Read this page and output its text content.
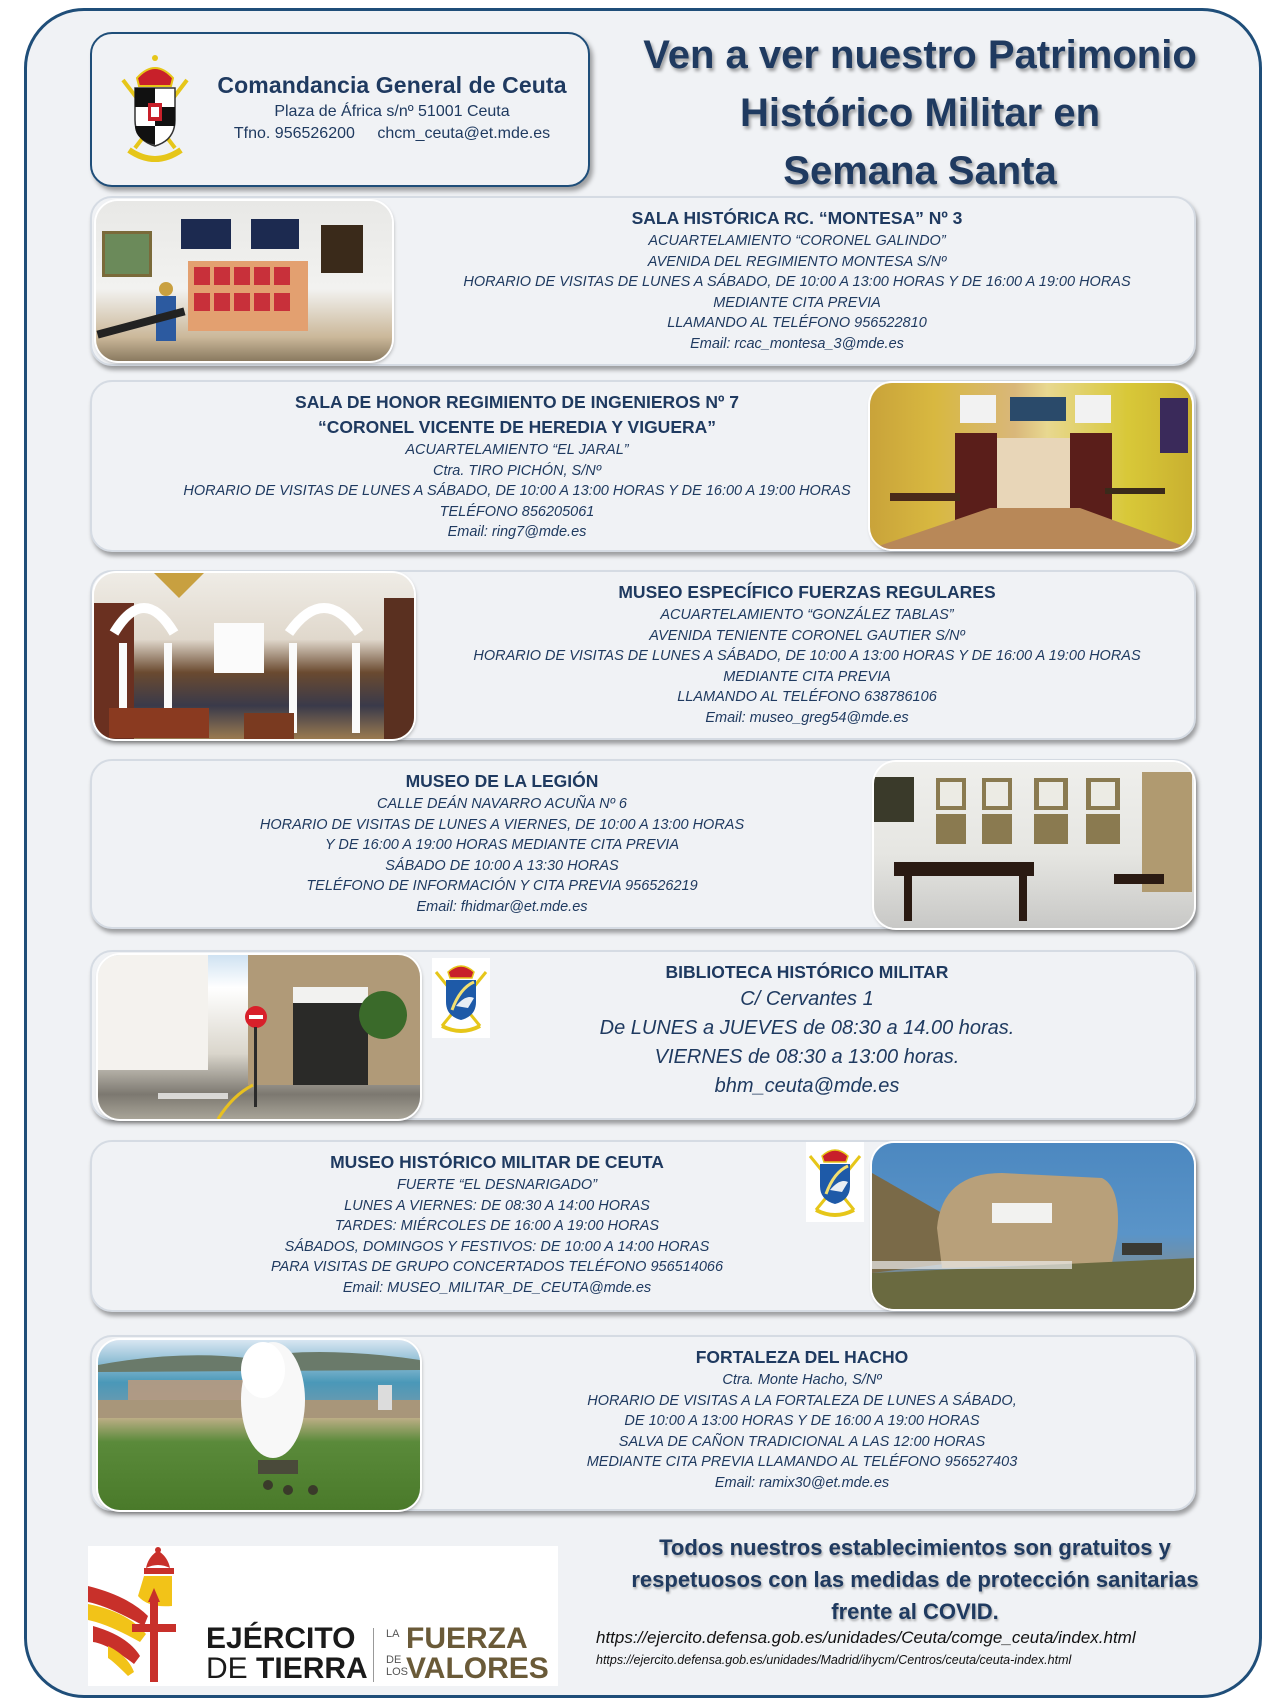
Comandancia General de Ceuta
Plaza de África s/nº 51001 Ceuta
Tfno. 956526200 chcm_ceuta@et.mde.es
Ven a ver nuestro Patrimonio
Histórico Militar en
Semana Santa
SALA HISTÓRICA RC. “MONTESA” Nº 3
ACUARTELAMIENTO “CORONEL GALINDO”
AVENIDA DEL REGIMIENTO MONTESA S/Nº
HORARIO DE VISITAS DE LUNES A SÁBADO, DE 10:00 A 13:00 HORAS Y DE 16:00 A 19:00 HORAS
MEDIANTE CITA PREVIA
LLAMANDO AL TELÉFONO 956522810
Email: rcac_montesa_3@mde.es
SALA DE HONOR REGIMIENTO DE INGENIEROS Nº 7
“CORONEL VICENTE DE HEREDIA Y VIGUERA”
ACUARTELAMIENTO “EL JARAL”
Ctra. TIRO PICHÓN, S/Nº
HORARIO DE VISITAS DE LUNES A SÁBADO, DE 10:00 A 13:00 HORAS Y DE 16:00 A 19:00 HORAS
TELÉFONO 856205061
Email: ring7@mde.es
MUSEO ESPECÍFICO FUERZAS REGULARES
ACUARTELAMIENTO “GONZÁLEZ TABLAS”
AVENIDA TENIENTE CORONEL GAUTIER S/Nº
HORARIO DE VISITAS DE LUNES A SÁBADO, DE 10:00 A 13:00 HORAS Y DE 16:00 A 19:00 HORAS
MEDIANTE CITA PREVIA
LLAMANDO AL TELÉFONO 638786106
Email: museo_greg54@mde.es
MUSEO DE LA LEGIÓN
CALLE DEÁN NAVARRO ACUÑA Nº 6
HORARIO DE VISITAS DE LUNES A VIERNES, DE 10:00 A 13:00 HORAS
Y DE 16:00 A 19:00 HORAS MEDIANTE CITA PREVIA
SÁBADO DE 10:00 A 13:30 HORAS
TELÉFONO DE INFORMACIÓN Y CITA PREVIA 956526219
Email: fhidmar@et.mde.es
BIBLIOTECA HISTÓRICO MILITAR
C/ Cervantes 1
De LUNES a JUEVES de 08:30 a 14.00 horas.
VIERNES de 08:30 a 13:00 horas.
bhm_ceuta@mde.es
MUSEO HISTÓRICO MILITAR DE CEUTA
FUERTE “EL DESNARIGADO”
LUNES A VIERNES: DE 08:30 A 14:00 HORAS
TARDES: MIÉRCOLES DE 16:00 A 19:00 HORAS
SÁBADOS, DOMINGOS Y FESTIVOS: DE 10:00 A 14:00 HORAS
PARA VISITAS DE GRUPO CONCERTADOS TELÉFONO 956514066
Email: MUSEO_MILITAR_DE_CEUTA@mde.es
FORTALEZA DEL HACHO
Ctra. Monte Hacho, S/Nº
HORARIO DE VISITAS A LA FORTALEZA DE LUNES A SÁBADO,
DE 10:00 A 13:00 HORAS Y DE 16:00 A 19:00 HORAS
SALVA DE CAÑON TRADICIONAL A LAS 12:00 HORAS
MEDIANTE CITA PREVIA LLAMANDO AL TELÉFONO 956527403
Email: ramix30@et.mde.es
EJÉRCITO
DE TIERRA
LA
DE
LOS
FUERZA
VALORES
Todos nuestros establecimientos son gratuitos y
respetuosos con las medidas de protección sanitarias
frente al COVID.
https://ejercito.defensa.gob.es/unidades/Ceuta/comge_ceuta/index.html
https://ejercito.defensa.gob.es/unidades/Madrid/ihycm/Centros/ceuta/ceuta-index.html
